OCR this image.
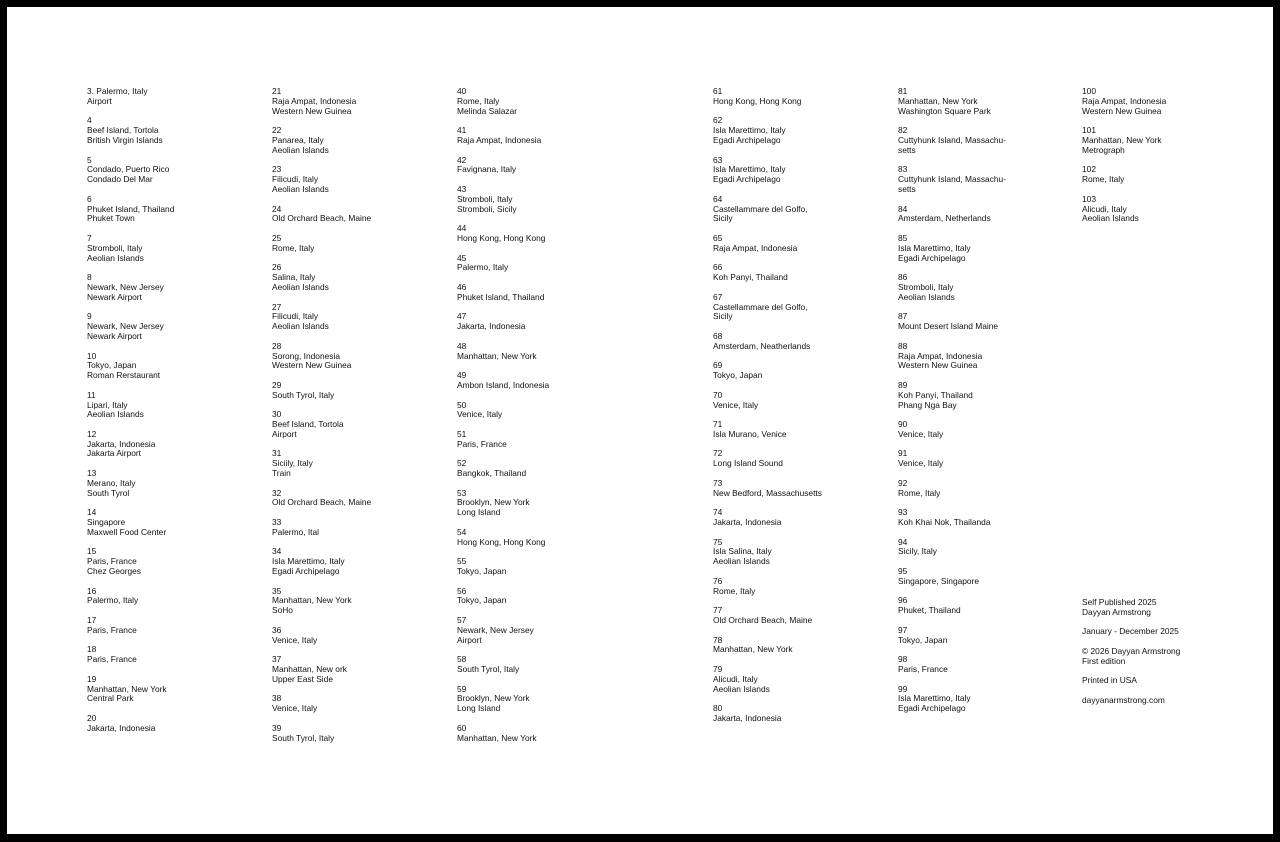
3. Palermo, Italy
Airport
4
Beef Island, Tortola
British Virgin Islands
5
Condado, Puerto Rico
Condado Del Mar
6
Phuket Island, Thailand
Phuket Town
7
Stromboli, Italy
Aeolian Islands
8
Newark, New Jersey
Newark Airport
9
Newark, New Jersey
Newark Airport
10
Tokyo, Japan
Roman Rerstaurant
11
Lipari, Italy
Aeolian Islands
12
Jakarta, Indonesia
Jakarta Airport
13
Merano, Italy
South Tyrol
14
Singapore
Maxwell Food Center
15
Paris, France
Chez Georges
16
Palermo, Italy
17
Paris, France
18
Paris, France
19
Manhattan, New York
Central Park
20
Jakarta, Indonesia
21
Raja Ampat, Indonesia
Western New Guinea
22
Panarea, Italy
Aeolian Islands
23
Filicudi, Italy
Aeolian Islands
24
Old Orchard Beach, Maine
25
Rome, Italy
26
Salina, Italy
Aeolian Islands
27
Filicudi, Italy
Aeolian Islands
28
Sorong, Indonesia
Western New Guinea
29
South Tyrol, Italy
30
Beef Island, Tortola
Airport
31
Siciily, Italy
Train
32
Old Orchard Beach, Maine
33
Palermo, Ital
34
Isla Marettimo, Italy
Egadi Archipelago
35
Manhattan, New York
SoHo
36
Venice, Italy
37
Manhattan, New ork
Upper East Side
38
Venice, Italy
39
South Tyrol, Italy
40
Rome, Italy
Melinda Salazar
41
Raja Ampat, Indonesia
42
Favignana, Italy
43
Stromboli, Italy
Stromboli, Sicily
44
Hong Kong, Hong Kong
45
Palermo, Italy
46
Phuket Island, Thailand
47
Jakarta, Indonesia
48
Manhattan, New York
49
Ambon Island, Indonesia
50
Venice, Italy
51
Paris, France
52
Bangkok, Thailand
53
Brooklyn, New York
Long Island
54
Hong Kong, Hong Kong
55
Tokyo, Japan
56
Tokyo, Japan
57
Newark, New Jersey
Airport
58
South Tyrol, Italy
59
Brooklyn, New York
Long Island
60
Manhattan, New York
61
Hong Kong, Hong Kong
62
Isla Marettimo, Italy
Egadi Archipelago
63
Isla Marettimo, Italy
Egadi Archipelago
64
Castellammare del Golfo,
Sicily
65
Raja Ampat, Indonesia
66
Koh Panyi, Thailand
67
Castellammare del Golfo,
Sicily
68
Amsterdam, Neatherlands
69
Tokyo, Japan
70
Venice, Italy
71
Isla Murano, Venice
72
Long Island Sound
73
New Bedford, Massachusetts
74
Jakarta, Indonesia
75
Isla Salina, Italy
Aeolian Islands
76
Rome, Italy
77
Old Orchard Beach, Maine
78
Manhattan, New York
79
Alicudi, Italy
Aeolian Islands
80
Jakarta, Indonesia
81
Manhattan, New York
Washington Square Park
82
Cuttyhunk Island, Massachu-
setts
83
Cuttyhunk Island, Massachu-
setts
84
Amsterdam, Netherlands
85
Isla Marettimo, Italy
Egadi Archipelago
86
Stromboli, Italy
Aeolian Islands
87
Mount Desert Island Maine
88
Raja Ampat, Indonesia
Western New Guinea
89
Koh Panyi, Thailand
Phang Nga Bay
90
Venice, Italy
91
Venice, Italy
92
Rome, Italy
93
Koh Khai Nok, Thailanda
94
Sicily, Italy
95
Singapore, Singapore
96
Phuket, Thailand
97
Tokyo, Japan
98
Paris, France
99
Isla Marettimo, Italy
Egadi Archipelago
100
Raja Ampat, Indonesia
Western New Guinea
101
Manhattan, New York
Metrograph
102
Rome, Italy
103
Alicudi, Italy
Aeolian Islands
Self Published 2025
Dayyan Armstrong
January - December 2025
© 2026 Dayyan Armstrong
First edition
Printed in USA
dayyanarmstrong.com
